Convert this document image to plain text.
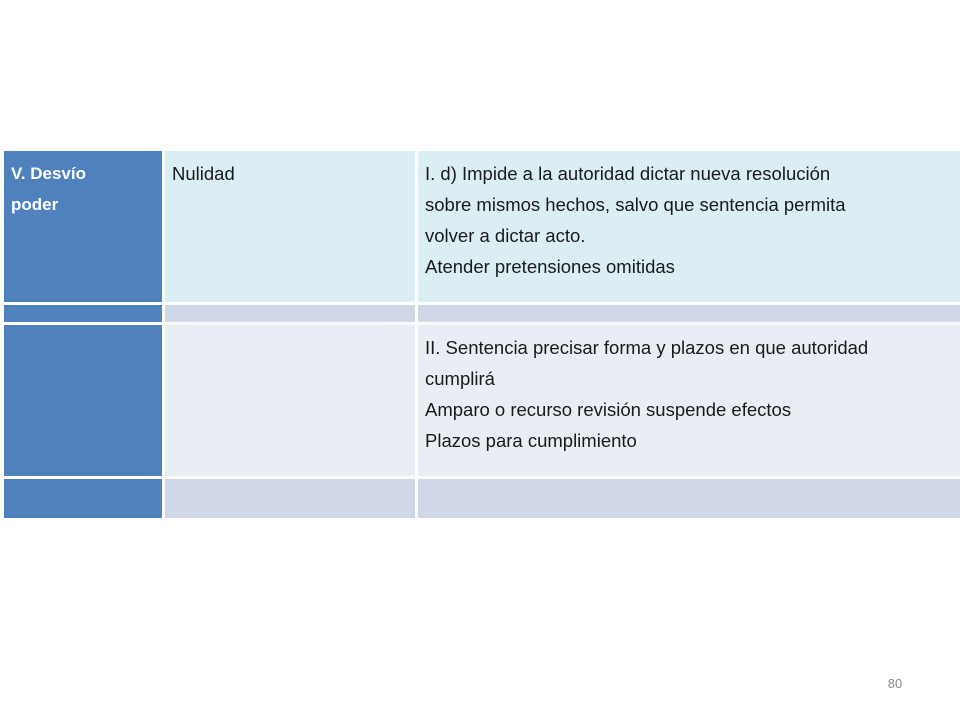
V. Desvío
poder	Nulidad	I. d) Impide a la autoridad dictar nueva resolución
sobre mismos hechos, salvo que sentencia permita
volver a dictar acto.
Atender pretensiones omitidas

		II. Sentencia precisar forma y plazos en que autoridad
cumplirá
Amparo o recurso revisión suspende efectos
Plazos para cumplimiento

80
